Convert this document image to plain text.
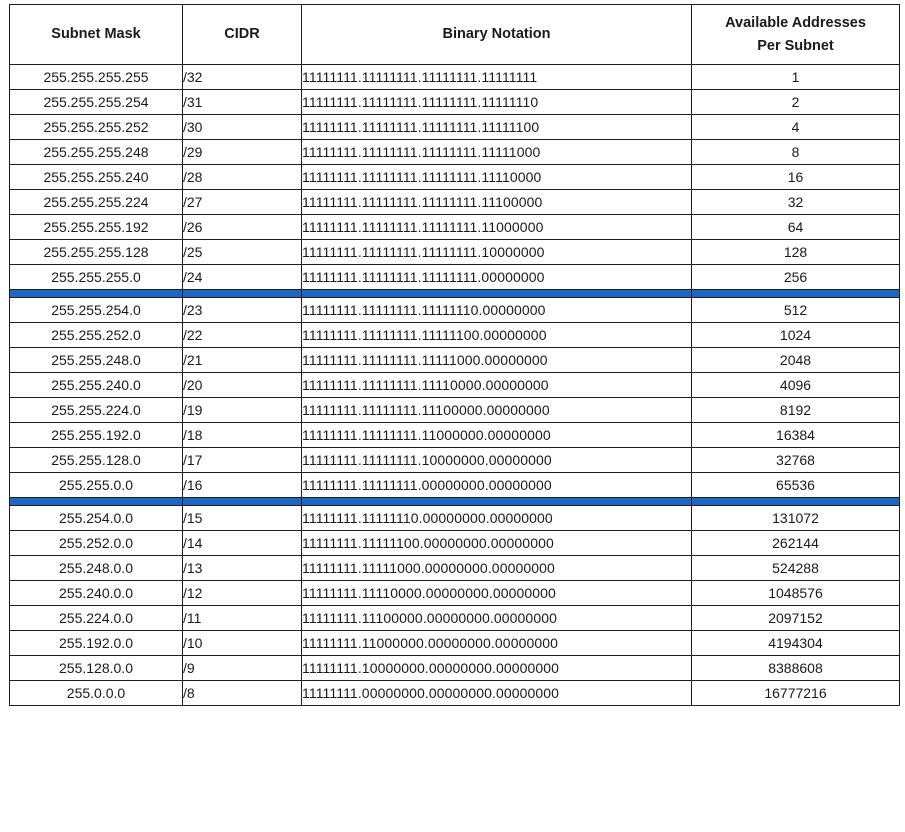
Subnet Mask	CIDR	Binary Notation	Available Addresses
Per Subnet

255.255.255.255	/32	11111111.11111111.11111111.11111111	1
255.255.255.254	/31	11111111.11111111.11111111.11111110	2
255.255.255.252	/30	11111111.11111111.11111111.11111100	4
255.255.255.248	/29	11111111.11111111.11111111.11111000	8
255.255.255.240	/28	11111111.11111111.11111111.11110000	16
255.255.255.224	/27	11111111.11111111.11111111.11100000	32
255.255.255.192	/26	11111111.11111111.11111111.11000000	64
255.255.255.128	/25	11111111.11111111.11111111.10000000	128
255.255.255.0	/24	11111111.11111111.11111111.00000000	256

255.255.254.0	/23	11111111.11111111.11111110.00000000	512
255.255.252.0	/22	11111111.11111111.11111100.00000000	1024
255.255.248.0	/21	11111111.11111111.11111000.00000000	2048
255.255.240.0	/20	11111111.11111111.11110000.00000000	4096
255.255.224.0	/19	11111111.11111111.11100000.00000000	8192
255.255.192.0	/18	11111111.11111111.11000000.00000000	16384
255.255.128.0	/17	11111111.11111111.10000000.00000000	32768
255.255.0.0	/16	11111111.11111111.00000000.00000000	65536

255.254.0.0	/15	11111111.11111110.00000000.00000000	131072
255.252.0.0	/14	11111111.11111100.00000000.00000000	262144
255.248.0.0	/13	11111111.11111000.00000000.00000000	524288
255.240.0.0	/12	11111111.11110000.00000000.00000000	1048576
255.224.0.0	/11	11111111.11100000.00000000.00000000	2097152
255.192.0.0	/10	11111111.11000000.00000000.00000000	4194304
255.128.0.0	/9	11111111.10000000.00000000.00000000	8388608
255.0.0.0	/8	11111111.00000000.00000000.00000000	16777216
